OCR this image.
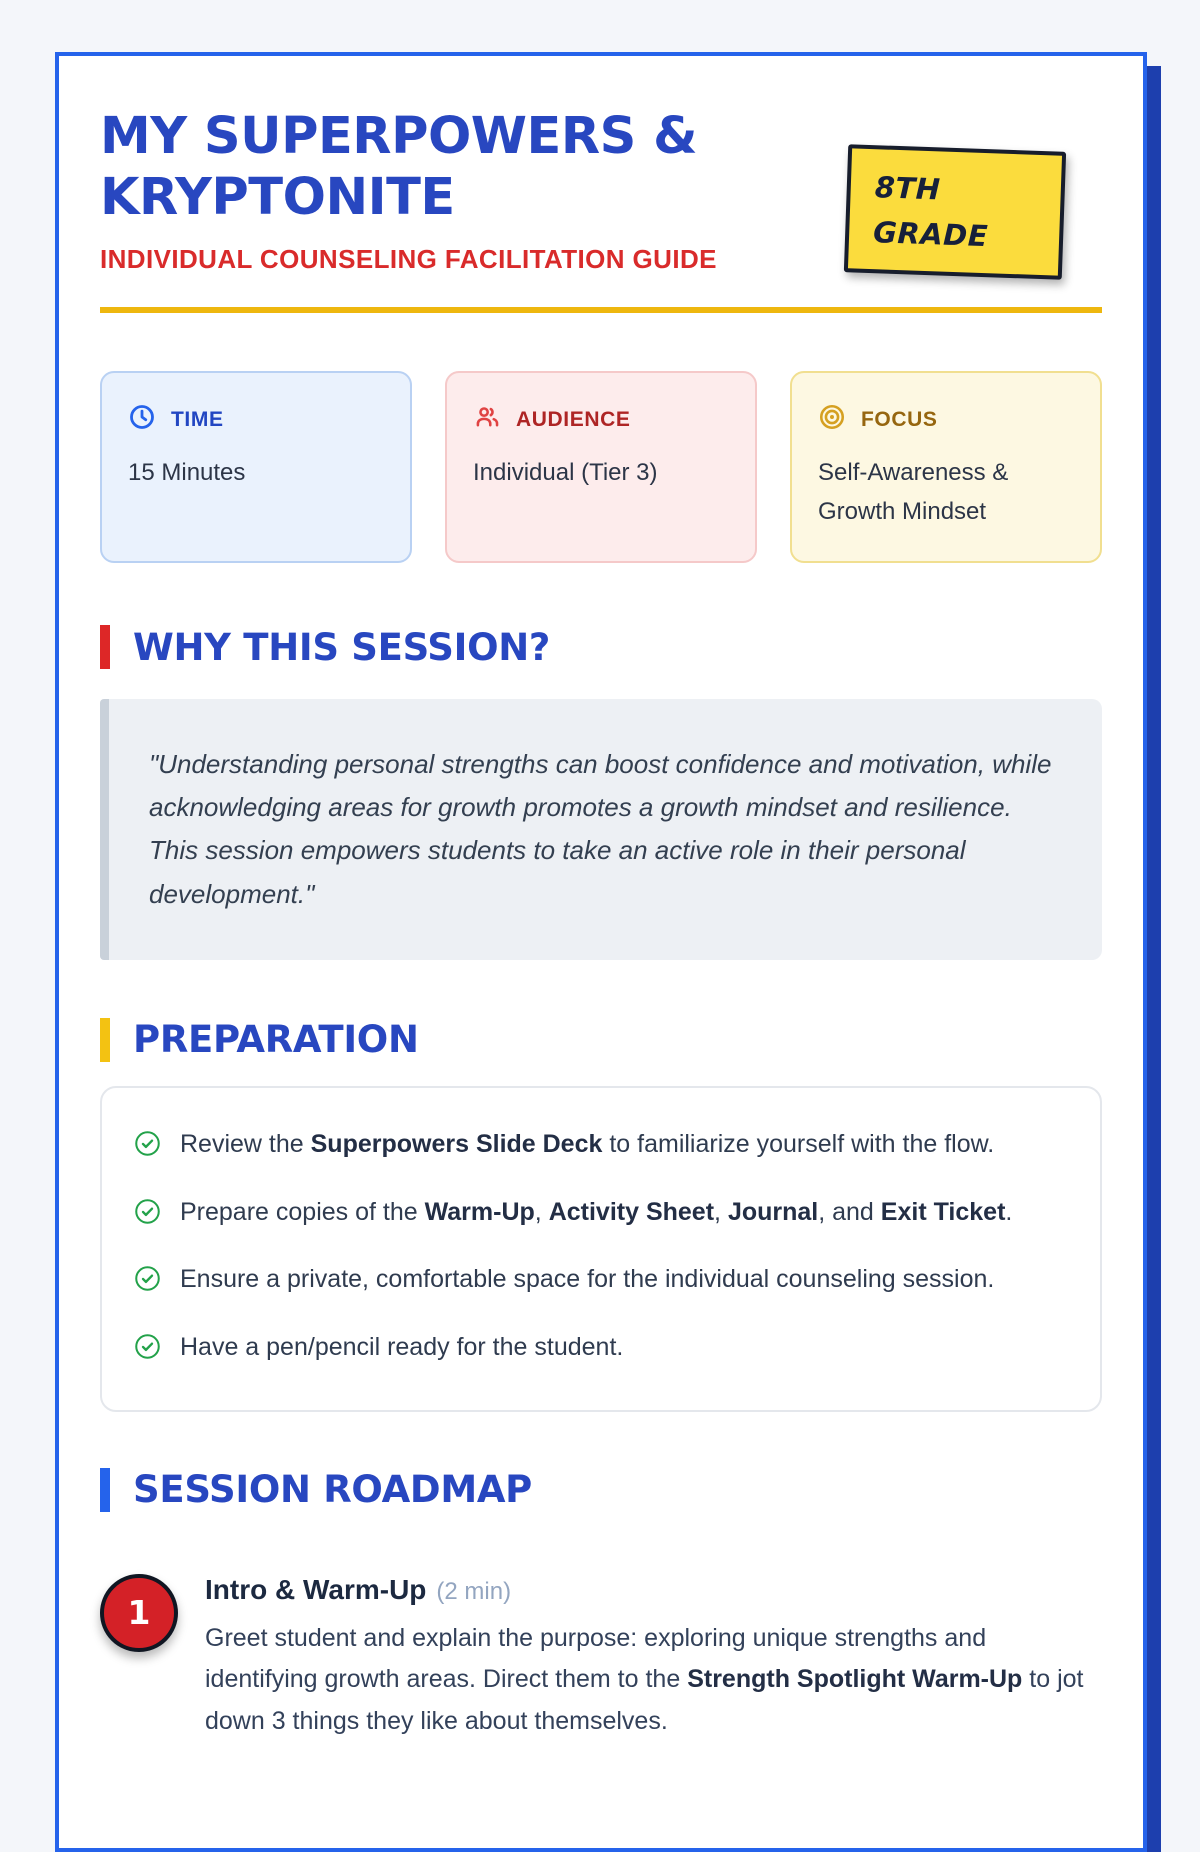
MY SUPERPOWERS &
KRYPTONITE
INDIVIDUAL COUNSELING FACILITATION GUIDE
8TH
GRADE
TIME
15 Minutes
AUDIENCE
Individual (Tier 3)
FOCUS
Self-Awareness & Growth Mindset
WHY THIS SESSION?
"Understanding personal strengths can boost confidence and motivation, while acknowledging areas for growth promotes a growth mindset and resilience. This session empowers students to take an active role in their personal development."
PREPARATION
Review the Superpowers Slide Deck to familiarize yourself with the flow.
Prepare copies of the Warm-Up, Activity Sheet, Journal, and Exit Ticket.
Ensure a private, comfortable space for the individual counseling session.
Have a pen/pencil ready for the student.
SESSION ROADMAP
1
Intro & Warm-Up (2 min)
Greet student and explain the purpose: exploring unique strengths and identifying growth areas. Direct them to the Strength Spotlight Warm-Up to jot down 3 things they like about themselves.
